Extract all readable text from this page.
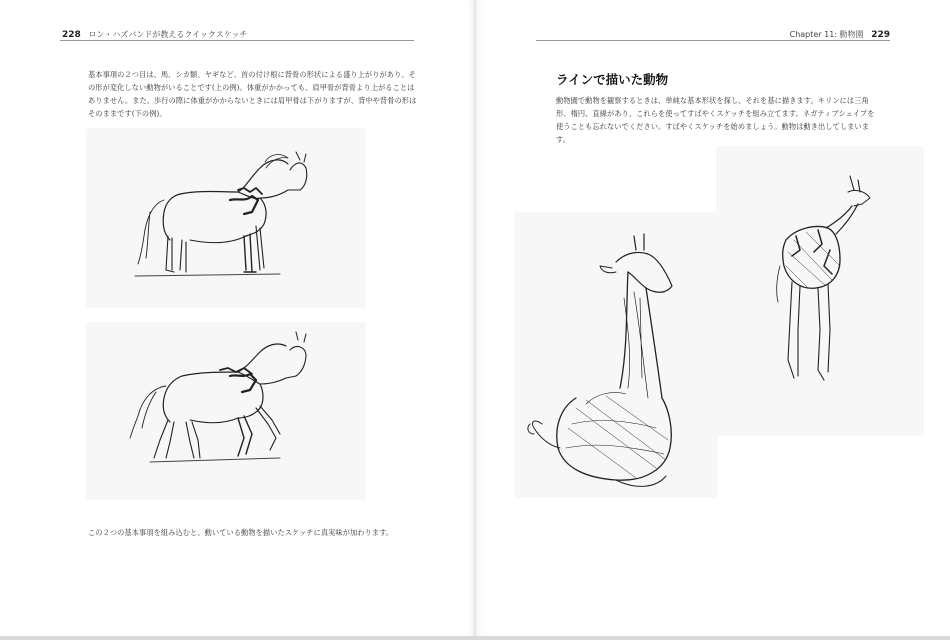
228 ロン・ハズバンドが教えるクイックスケッチ
基本事項の２つ目は、馬、シカ類、ヤギなど、首の付け根に背骨の形状による盛り上がりがあり、その形が変化しない動物がいることです(上の例)。体重がかかっても、肩甲骨が背骨より上がることはありません。また、歩行の際に体重がかからないときには肩甲骨は下がりますが、背中や背骨の形はそのままです(下の例)。
この２つの基本事項を組み込むと、動いている動物を描いたスケッチに真実味が加わります。
Chapter 11: 動物園 229
ラインで描いた動物
動物園で動物を観察するときは、単純な基本形状を探し、それを基に描きます。キリンには三角形、楕円、直線があり、これらを使ってすばやくスケッチを組み立てます。ネガティブシェイプを使うことも忘れないでください。すばやくスケッチを始めましょう。動物は動き出してしまいます。
